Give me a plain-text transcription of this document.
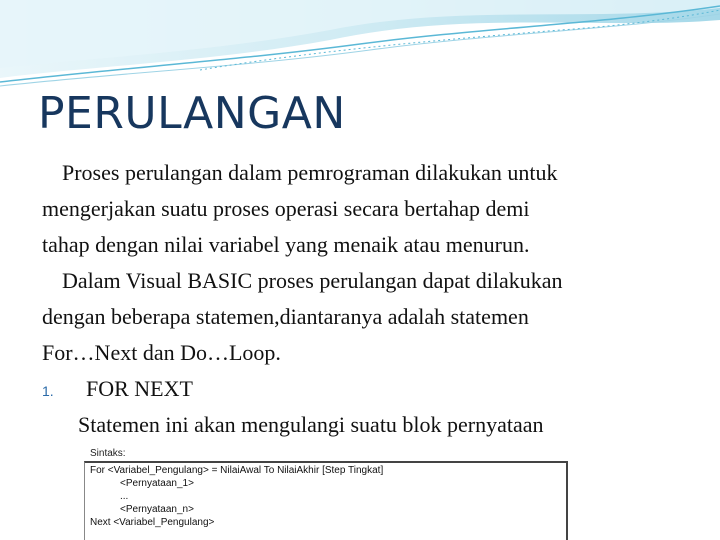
PERULANGAN

Proses perulangan dalam pemrograman dilakukan untuk
mengerjakan suatu proses operasi secara bertahap demi
tahap dengan nilai variabel yang menaik atau menurun.

Dalam Visual BASIC proses perulangan dapat dilakukan
dengan beberapa statemen,diantaranya adalah statemen
For…Next dan Do…Loop.

1. FOR NEXT

Statemen ini akan mengulangi suatu blok pernyataan

Sintaks:
For <Variabel_Pengulang> = NilaiAwal To NilaiAkhir [Step Tingkat]
<Pernyataan_1>
...
<Pernyataan_n>
Next <Variabel_Pengulang>
